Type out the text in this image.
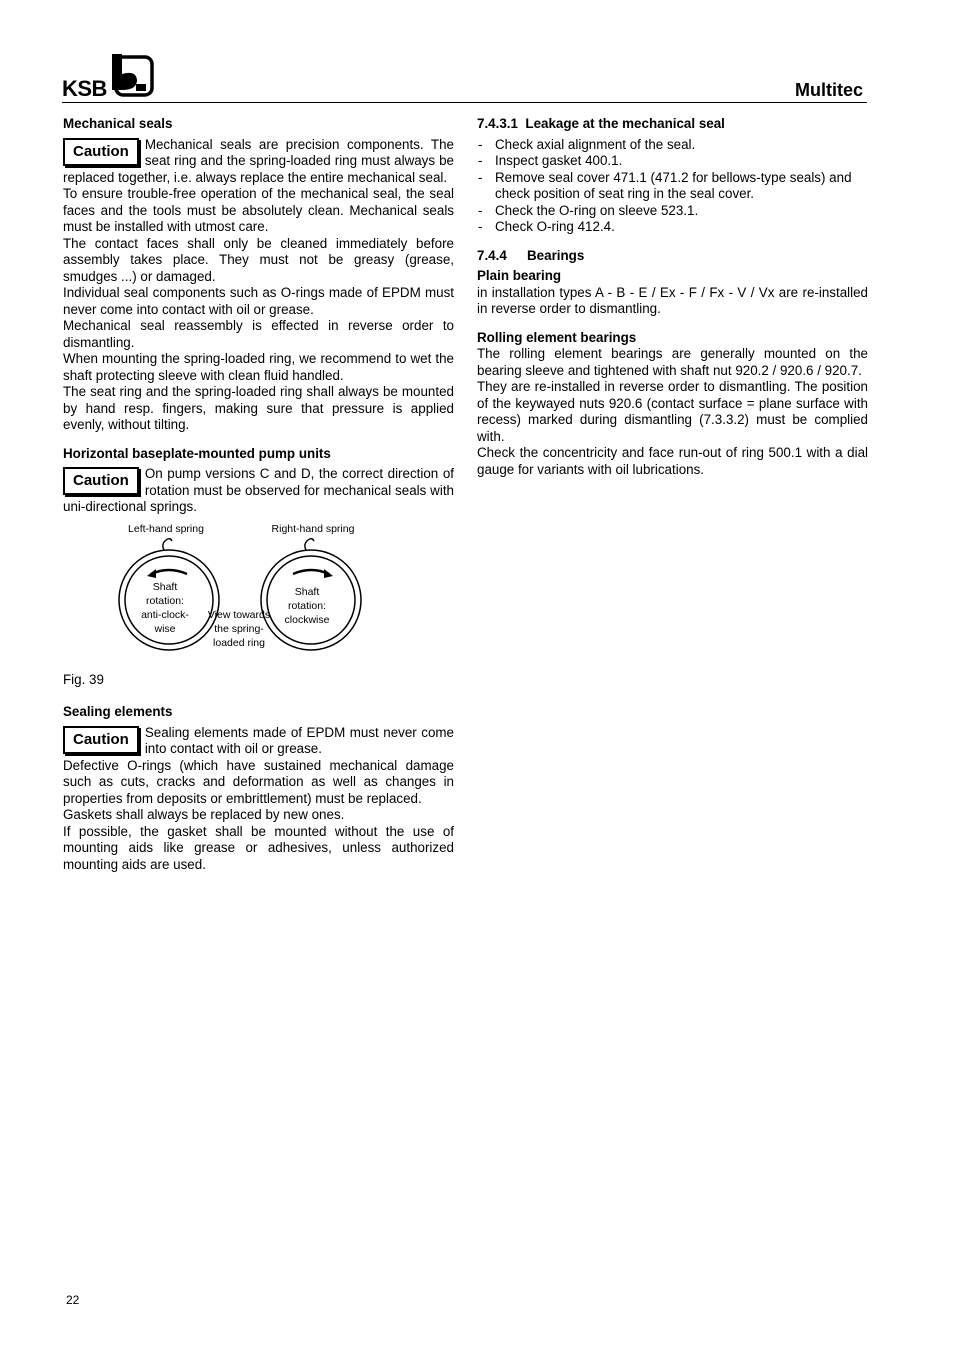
KSB	Multitec
Mechanical seals
Caution	Mechanical seals are precision components. The seat ring and the spring-loaded ring must always be replaced together, i.e. always replace the entire mechanical seal.

To ensure trouble-free operation of the mechanical seal, the seal faces and the tools must be absolutely clean. Mechanical seals must be installed with utmost care.

The contact faces shall only be cleaned immediately before assembly takes place. They must not be greasy (grease, smudges ...) or damaged.

Individual seal components such as O-rings made of EPDM must never come into contact with oil or grease.

Mechanical seal reassembly is effected in reverse order to dismantling.

When mounting the spring-loaded ring, we recommend to wet the shaft protecting sleeve with clean fluid handled.

The seat ring and the spring-loaded ring shall always be mounted by hand resp. fingers, making sure that pressure is applied evenly, without tilting.

Horizontal baseplate-mounted pump units
Caution	On pump versions C and D, the correct direction of rotation must be observed for mechanical seals with uni-directional springs.
Left-hand spring	Right-hand spring
Shaft rotation: anti-clock- wise
Shaft rotation: clockwise
View towards the spring- loaded ring
Fig. 39
Sealing elements
Caution	Sealing elements made of EPDM must never come into contact with oil or grease.

Defective O-rings (which have sustained mechanical damage such as cuts, cracks and deformation as well as changes in properties from deposits or embrittlement) must be replaced.

Gaskets shall always be replaced by new ones.

If possible, the gasket shall be mounted without the use of mounting aids like grease or adhesives, unless authorized mounting aids are used.

7.4.3.1 Leakage at the mechanical seal
- Check axial alignment of the seal.
- Inspect gasket 400.1.
- Remove seal cover 471.1 (471.2 for bellows-type seals) and check position of seat ring in the seal cover.
- Check the O-ring on sleeve 523.1.
- Check O-ring 412.4.
7.4.4 Bearings
Plain bearing

in installation types A - B - E / Ex - F / Fx - V / Vx are re-installed in reverse order to dismantling.

Rolling element bearings

The rolling element bearings are generally mounted on the bearing sleeve and tightened with shaft nut 920.2 / 920.6 / 920.7.

They are re-installed in reverse order to dismantling. The position of the keywayed nuts 920.6 (contact surface = plane surface with recess) marked during dismantling (7.3.3.2) must be complied with.

Check the concentricity and face run-out of ring 500.1 with a dial gauge for variants with oil lubrications.

22
